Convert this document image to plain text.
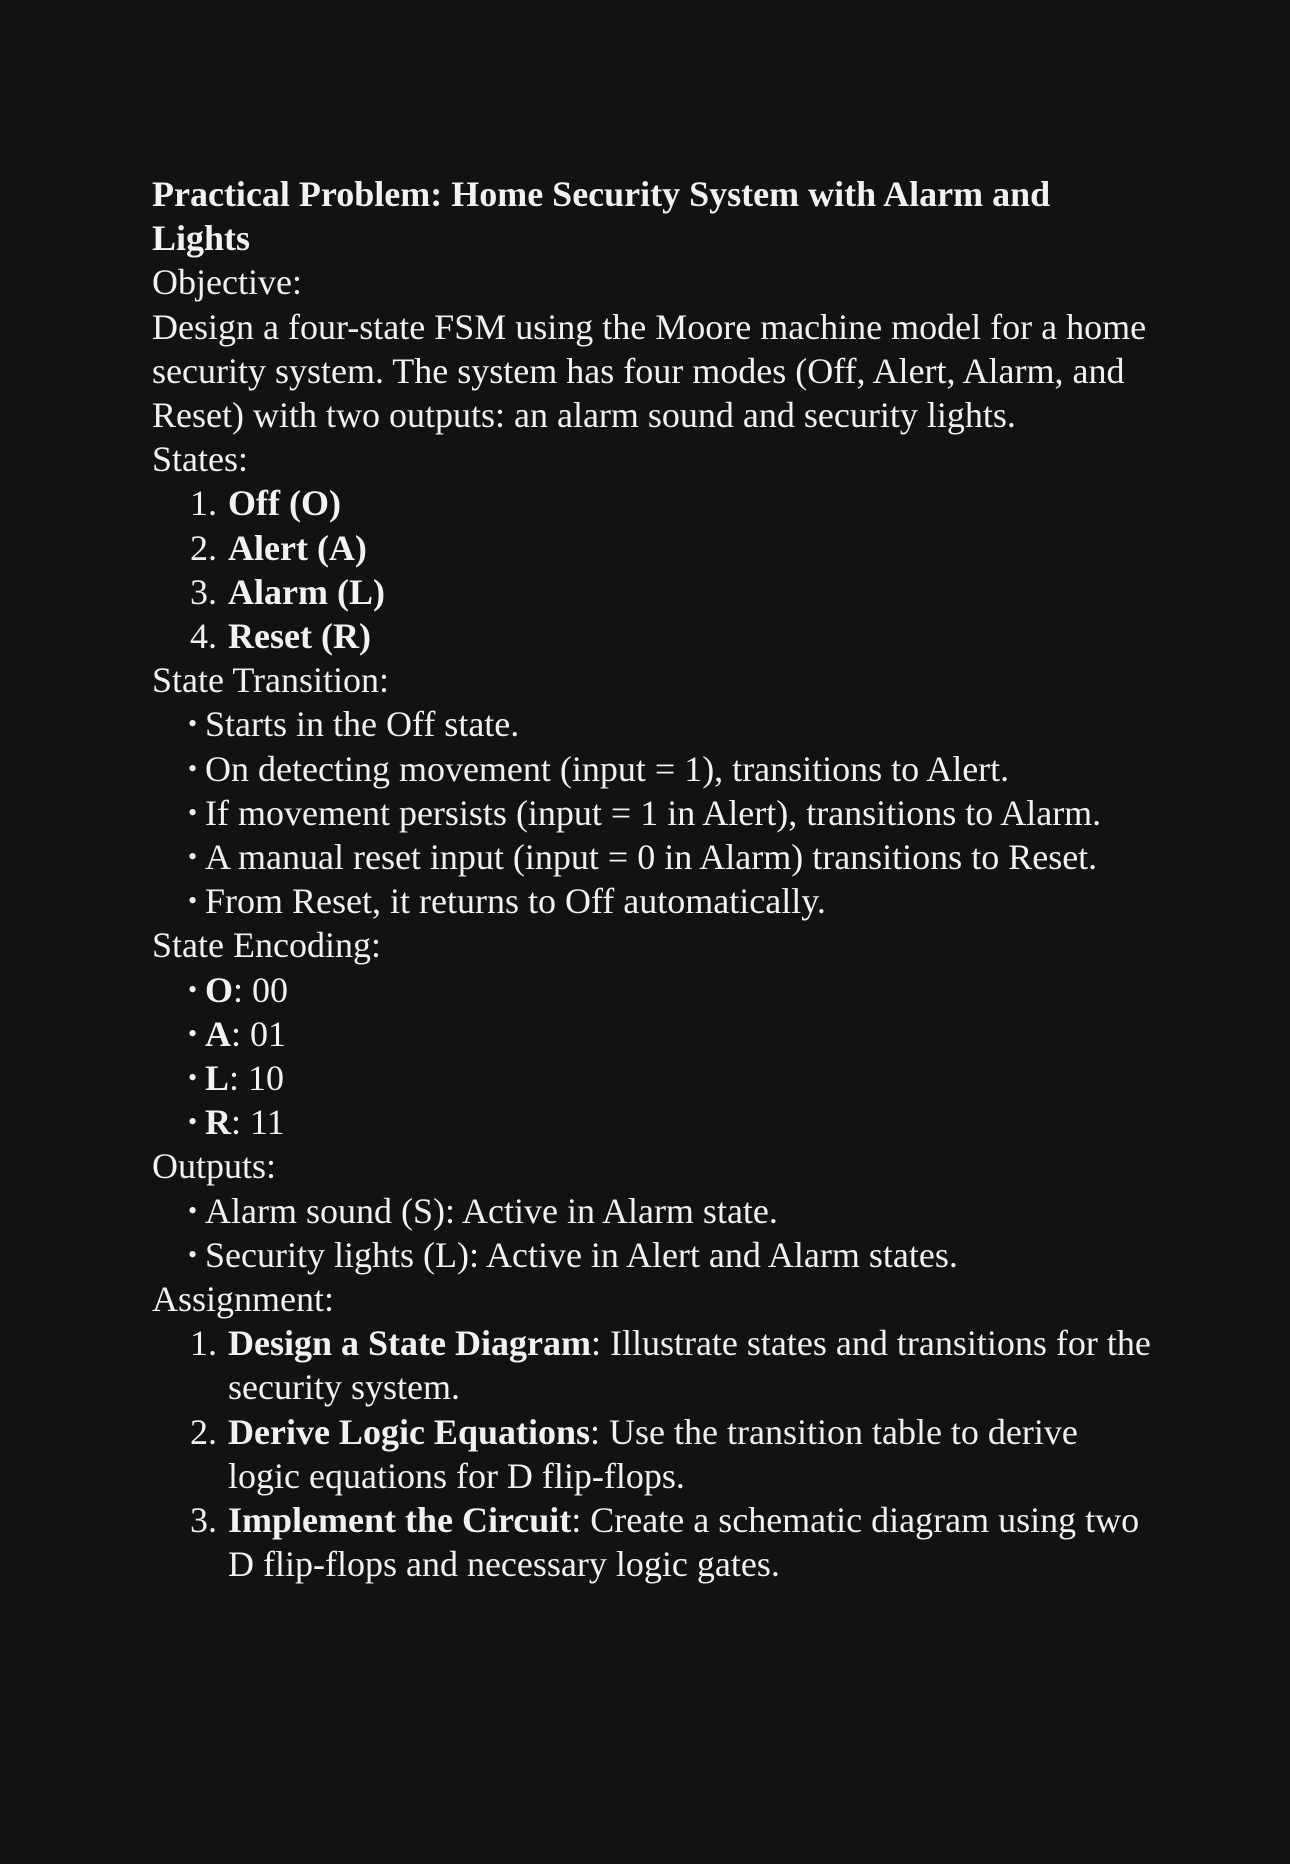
Practical Problem: Home Security System with Alarm and Lights
Objective:
Design a four-state FSM using the Moore machine model for a home security system. The system has four modes (Off, Alert, Alarm, and Reset) with two outputs: an alarm sound and security lights.
States:
1. Off (O)
2. Alert (A)
3. Alarm (L)
4. Reset (R)
State Transition:
• Starts in the Off state.
• On detecting movement (input = 1), transitions to Alert.
• If movement persists (input = 1 in Alert), transitions to Alarm.
• A manual reset input (input = 0 in Alarm) transitions to Reset.
• From Reset, it returns to Off automatically.
State Encoding:
• O: 00
• A: 01
• L: 10
• R: 11
Outputs:
• Alarm sound (S): Active in Alarm state.
• Security lights (L): Active in Alert and Alarm states.
Assignment:
1. Design a State Diagram: Illustrate states and transitions for the security system.
2. Derive Logic Equations: Use the transition table to derive logic equations for D flip-flops.
3. Implement the Circuit: Create a schematic diagram using two D flip-flops and necessary logic gates.
